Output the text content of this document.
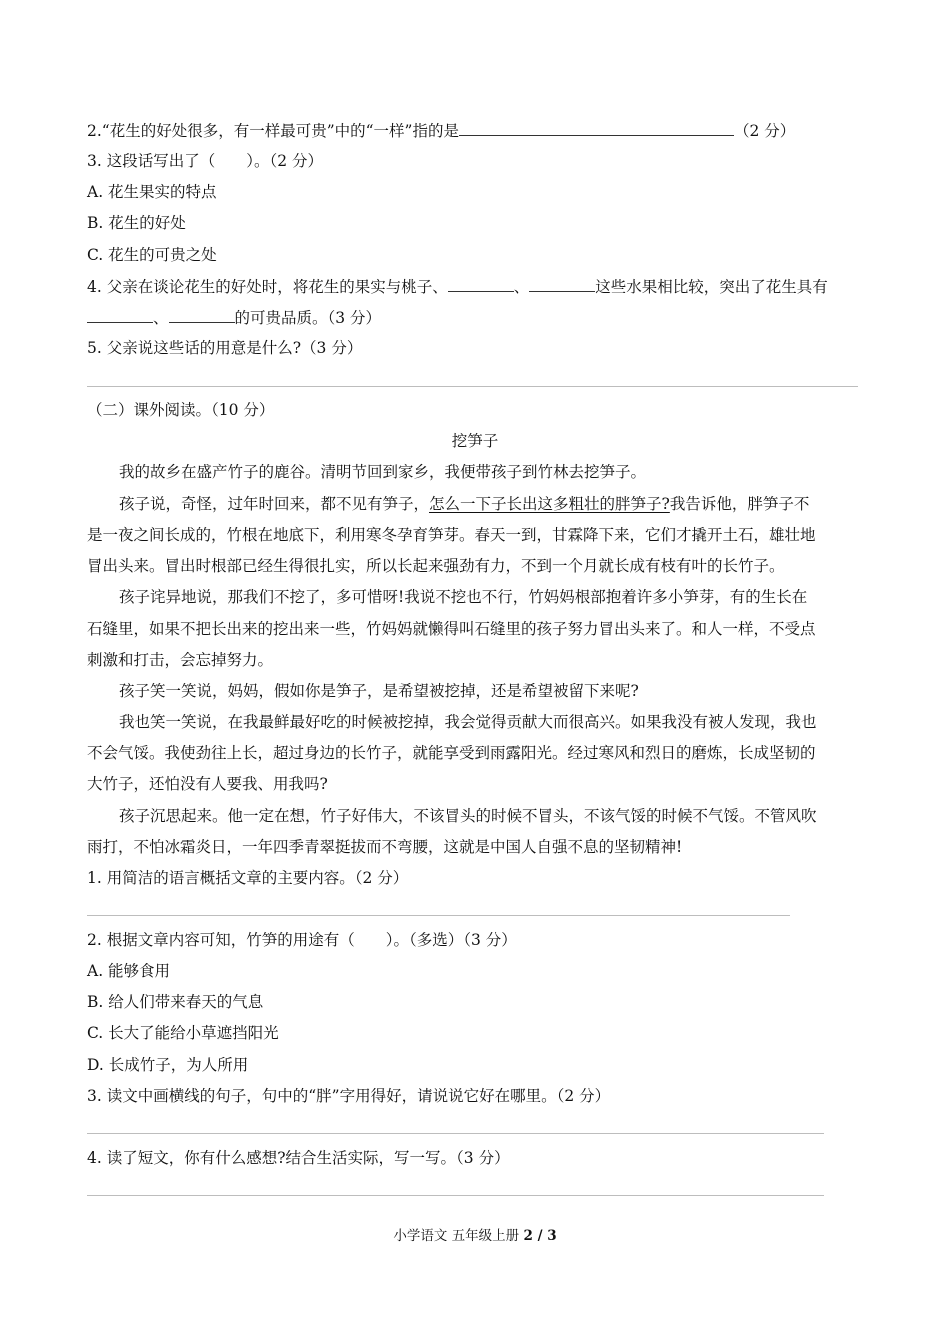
2.“花生的好处很多，有一样最可贵”中的“一样”指的是	（2 分）
3. 这段话写出了（　　）。（2 分）
A. 花生果实的特点
B. 花生的好处
C. 花生的可贵之处
4. 父亲在谈论花生的好处时，将花生的果实与桃子、	、	这些水果相比较，突出了花生具有
、	的可贵品质。（3 分）
5. 父亲说这些话的用意是什么?（3 分）
（二）课外阅读。（10 分）
挖笋子
我的故乡在盛产竹子的鹿谷。清明节回到家乡，我便带孩子到竹林去挖笋子。
孩子说，奇怪，过年时回来，都不见有笋子，怎么一下子长出这多粗壮的胖笋子?我告诉他，胖笋子不
是一夜之间长成的，竹根在地底下，利用寒冬孕育笋芽。春天一到，甘霖降下来，它们才撬开土石，雄壮地
冒出头来。冒出时根部已经生得很扎实，所以长起来强劲有力，不到一个月就长成有枝有叶的长竹子。
孩子诧异地说，那我们不挖了，多可惜呀!我说不挖也不行，竹妈妈根部抱着许多小笋芽，有的生长在
石缝里，如果不把长出来的挖出来一些，竹妈妈就懒得叫石缝里的孩子努力冒出头来了。和人一样，不受点
刺激和打击，会忘掉努力。
孩子笑一笑说，妈妈，假如你是笋子，是希望被挖掉，还是希望被留下来呢?
我也笑一笑说，在我最鲜最好吃的时候被挖掉，我会觉得贡献大而很高兴。如果我没有被人发现，我也
不会气馁。我使劲往上长，超过身边的长竹子，就能享受到雨露阳光。经过寒风和烈日的磨炼，长成坚韧的
大竹子，还怕没有人要我、用我吗?
孩子沉思起来。他一定在想，竹子好伟大，不该冒头的时候不冒头，不该气馁的时候不气馁。不管风吹
雨打，不怕冰霜炎日，一年四季青翠挺拔而不弯腰，这就是中国人自强不息的坚韧精神!
1. 用简洁的语言概括文章的主要内容。（2 分）
2. 根据文章内容可知，竹笋的用途有（　　）。（多选）（3 分）
A. 能够食用
B. 给人们带来春天的气息
C. 长大了能给小草遮挡阳光
D. 长成竹子，为人所用
3. 读文中画横线的句子，句中的“胖”字用得好，请说说它好在哪里。（2 分）
4. 读了短文，你有什么感想?结合生活实际，写一写。（3 分）
小学语文 五年级上册 2 / 3
